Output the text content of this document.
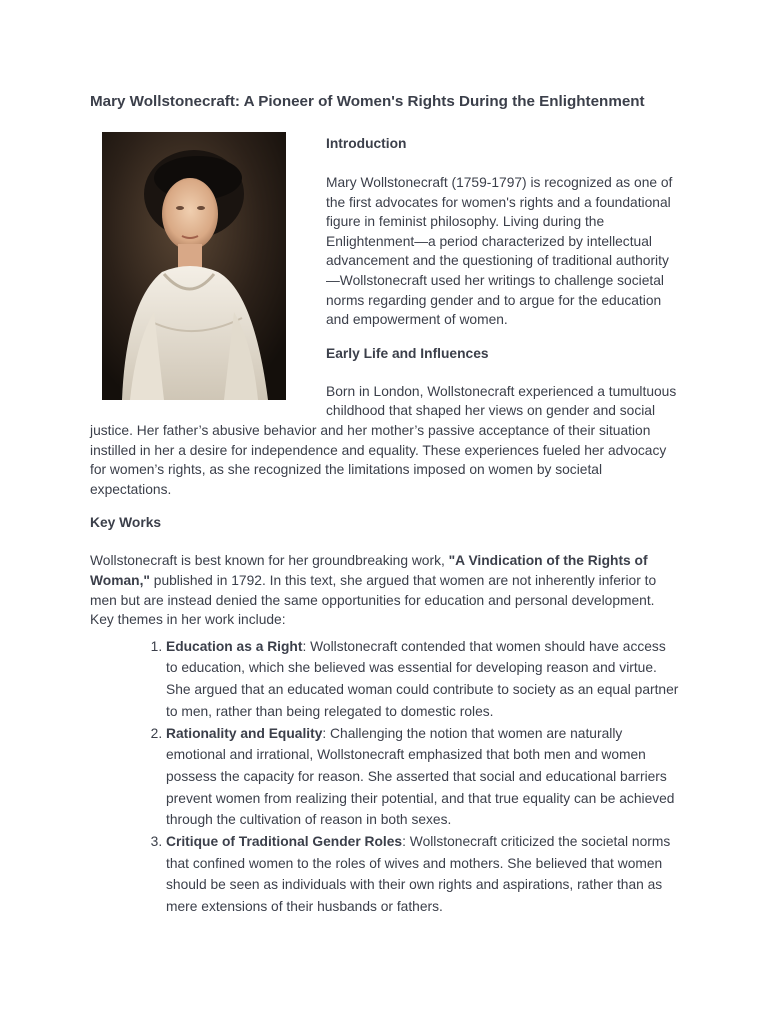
Mary Wollstonecraft: A Pioneer of Women's Rights During the Enlightenment
Introduction

Mary Wollstonecraft (1759-1797) is recognized as one of the first advocates for women's rights and a foundational figure in feminist philosophy. Living during the Enlightenment—a period characterized by intellectual advancement and the questioning of traditional authority—Wollstonecraft used her writings to challenge societal norms regarding gender and to argue for the education and empowerment of women.

Early Life and Influences

Born in London, Wollstonecraft experienced a tumultuous childhood that shaped her views on gender and social justice. Her father’s abusive behavior and her mother’s passive acceptance of their situation instilled in her a desire for independence and equality. These experiences fueled her advocacy for women’s rights, as she recognized the limitations imposed on women by societal expectations.

Key Works

Wollstonecraft is best known for her groundbreaking work, "A Vindication of the Rights of Woman," published in 1792. In this text, she argued that women are not inherently inferior to men but are instead denied the same opportunities for education and personal development. Key themes in her work include:

1. Education as a Right: Wollstonecraft contended that women should have access to education, which she believed was essential for developing reason and virtue. She argued that an educated woman could contribute to society as an equal partner to men, rather than being relegated to domestic roles.
2. Rationality and Equality: Challenging the notion that women are naturally emotional and irrational, Wollstonecraft emphasized that both men and women possess the capacity for reason. She asserted that social and educational barriers prevent women from realizing their potential, and that true equality can be achieved through the cultivation of reason in both sexes.
3. Critique of Traditional Gender Roles: Wollstonecraft criticized the societal norms that confined women to the roles of wives and mothers. She believed that women should be seen as individuals with their own rights and aspirations, rather than as mere extensions of their husbands or fathers.
